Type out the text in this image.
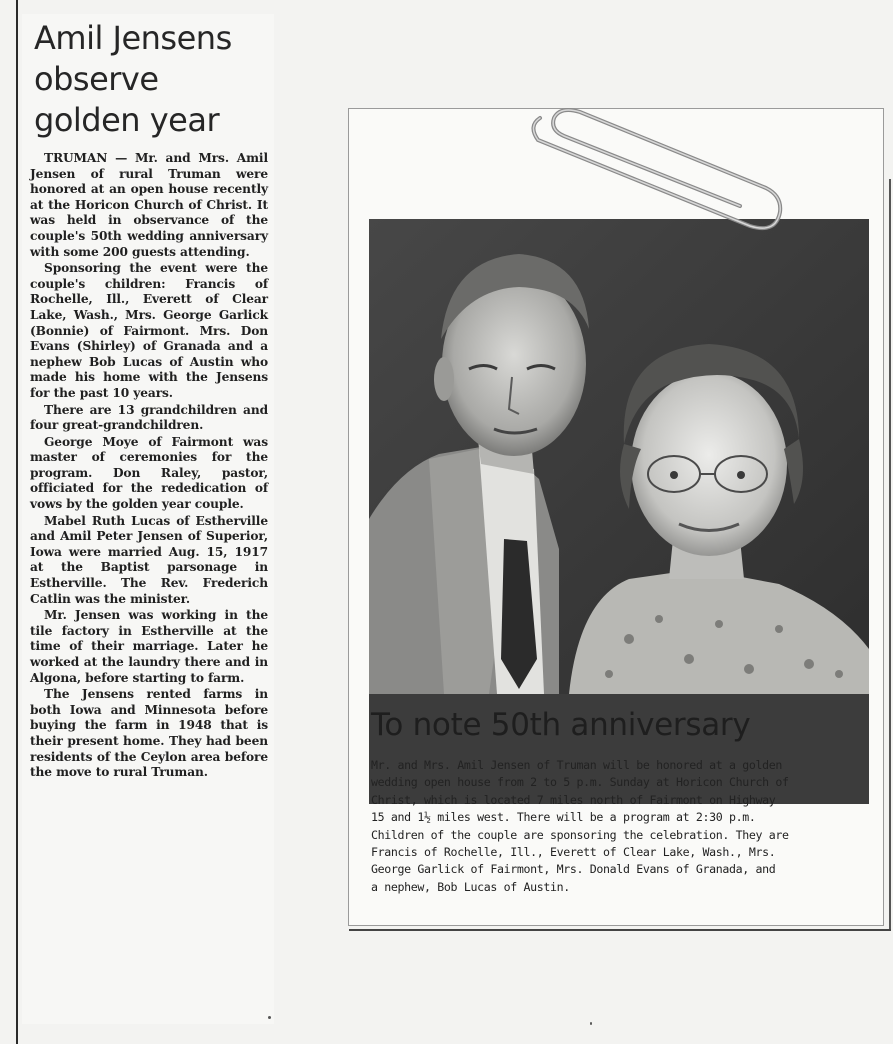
Amil Jensens
observe
golden year

TRUMAN — Mr. and Mrs. Amil Jensen of rural Truman were honored at an open house recently at the Horicon Church of Christ. It was held in observance of the couple's 50th wedding anniversary with some 200 guests attending.

Sponsoring the event were the couple's children: Francis of Rochelle, Ill., Everett of Clear Lake, Wash., Mrs. George Garlick (Bonnie) of Fairmont. Mrs. Don Evans (Shirley) of Granada and a nephew Bob Lucas of Austin who made his home with the Jensens for the past 10 years.

There are 13 grandchildren and four great-grandchildren.

George Moye of Fairmont was master of ceremonies for the program. Don Raley, pastor, officiated for the rededication of vows by the golden year couple.

Mabel Ruth Lucas of Estherville and Amil Peter Jensen of Superior, Iowa were married Aug. 15, 1917 at the Baptist parsonage in Estherville. The Rev. Frederich Catlin was the minister.

Mr. Jensen was working in the tile factory in Estherville at the time of their marriage. Later he worked at the laundry there and in Algona, before starting to farm.

The Jensens rented farms in both Iowa and Minnesota before buying the farm in 1948 that is their present home. They had been residents of the Ceylon area before the move to rural Truman.

To note 50th anniversary
Mr. and Mrs. Amil Jensen of Truman will be honored at a golden
wedding open house from 2 to 5 p.m. Sunday at Horicon Church of
Christ, which is located 7 miles north of Fairmont on Highway
15 and 1½ miles west. There will be a program at 2:30 p.m.
Children of the couple are sponsoring the celebration. They are
Francis of Rochelle, Ill., Everett of Clear Lake, Wash., Mrs.
George Garlick of Fairmont, Mrs. Donald Evans of Granada, and
a nephew, Bob Lucas of Austin.
